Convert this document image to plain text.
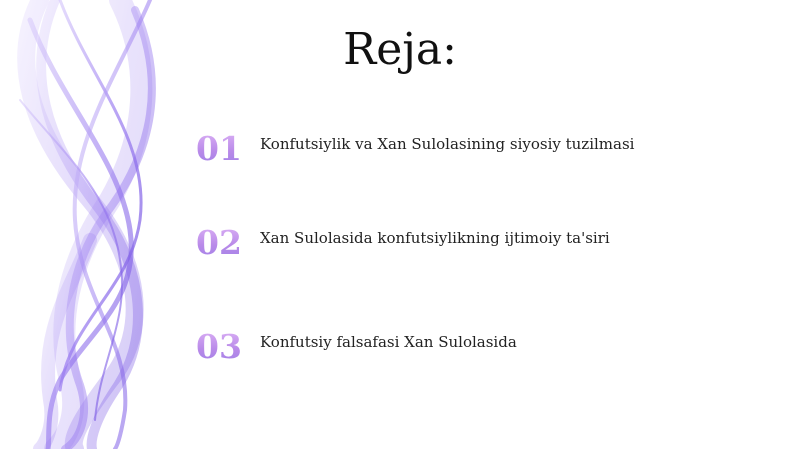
Reja:
01	Konfutsiylik va Xan Sulolasining siyosiy tuzilmasi
02	Xan Sulolasida konfutsiylikning ijtimoiy ta'siri
03	Konfutsiy falsafasi Xan Sulolasida
